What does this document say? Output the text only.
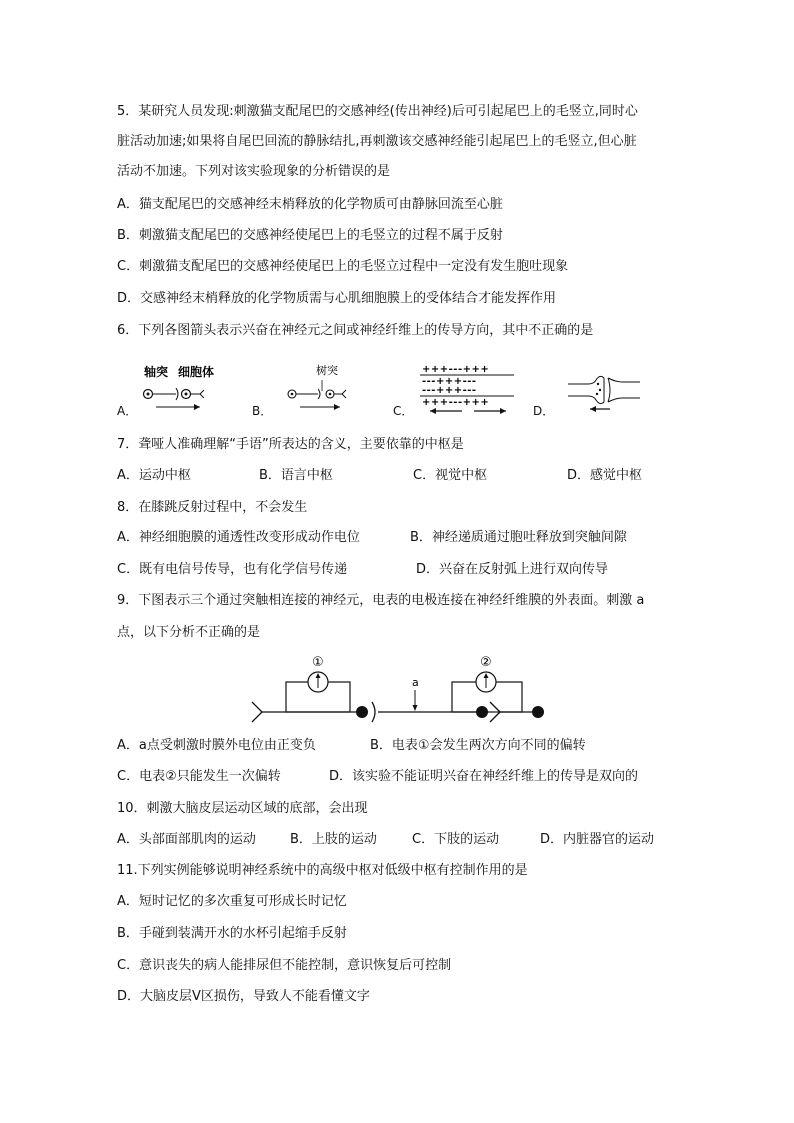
5．某研究人员发现:刺激猫支配尾巴的交感神经(传出神经)后可引起尾巴上的毛竖立,同时心
脏活动加速;如果将自尾巴回流的静脉结扎,再刺激该交感神经能引起尾巴上的毛竖立,但心脏
活动不加速。下列对该实验现象的分析错误的是
A．猫支配尾巴的交感神经末梢释放的化学物质可由静脉回流至心脏
B．刺激猫支配尾巴的交感神经使尾巴上的毛竖立的过程不属于反射
C．刺激猫支配尾巴的交感神经使尾巴上的毛竖立过程中一定没有发生胞吐现象
D．交感神经末梢释放的化学物质需与心肌细胞膜上的受体结合才能发挥作用
6．下列各图箭头表示兴奋在神经元之间或神经纤维上的传导方向，其中不正确的是
A．	B．	C．	D．
轴突 细胞体	树突	+++---+++
---+++---
---+++---
+++---+++
7．聋哑人准确理解“手语”所表达的含义，主要依靠的中枢是
A．运动中枢	B．语言中枢	C．视觉中枢	D．感觉中枢
8．在膝跳反射过程中，不会发生
A．神经细胞膜的通透性改变形成动作电位	B．神经递质通过胞吐释放到突触间隙
C．既有电信号传导，也有化学信号传递	D．兴奋在反射弧上进行双向传导
9．下图表示三个通过突触相连接的神经元，电表的电极连接在神经纤维膜的外表面。刺激 a
点，以下分析不正确的是
①
a
②
A．a点受刺激时膜外电位由正变负	B．电表①会发生两次方向不同的偏转
C．电表②只能发生一次偏转	D．该实验不能证明兴奋在神经纤维上的传导是双向的
10．刺激大脑皮层运动区域的底部，会出现
A．头部面部肌肉的运动	B．上肢的运动	C．下肢的运动	D．内脏器官的运动
11.下列实例能够说明神经系统中的高级中枢对低级中枢有控制作用的是
A．短时记忆的多次重复可形成长时记忆
B．手碰到装满开水的水杯引起缩手反射
C．意识丧失的病人能排尿但不能控制，意识恢复后可控制
D．大脑皮层V区损伤，导致人不能看懂文字
